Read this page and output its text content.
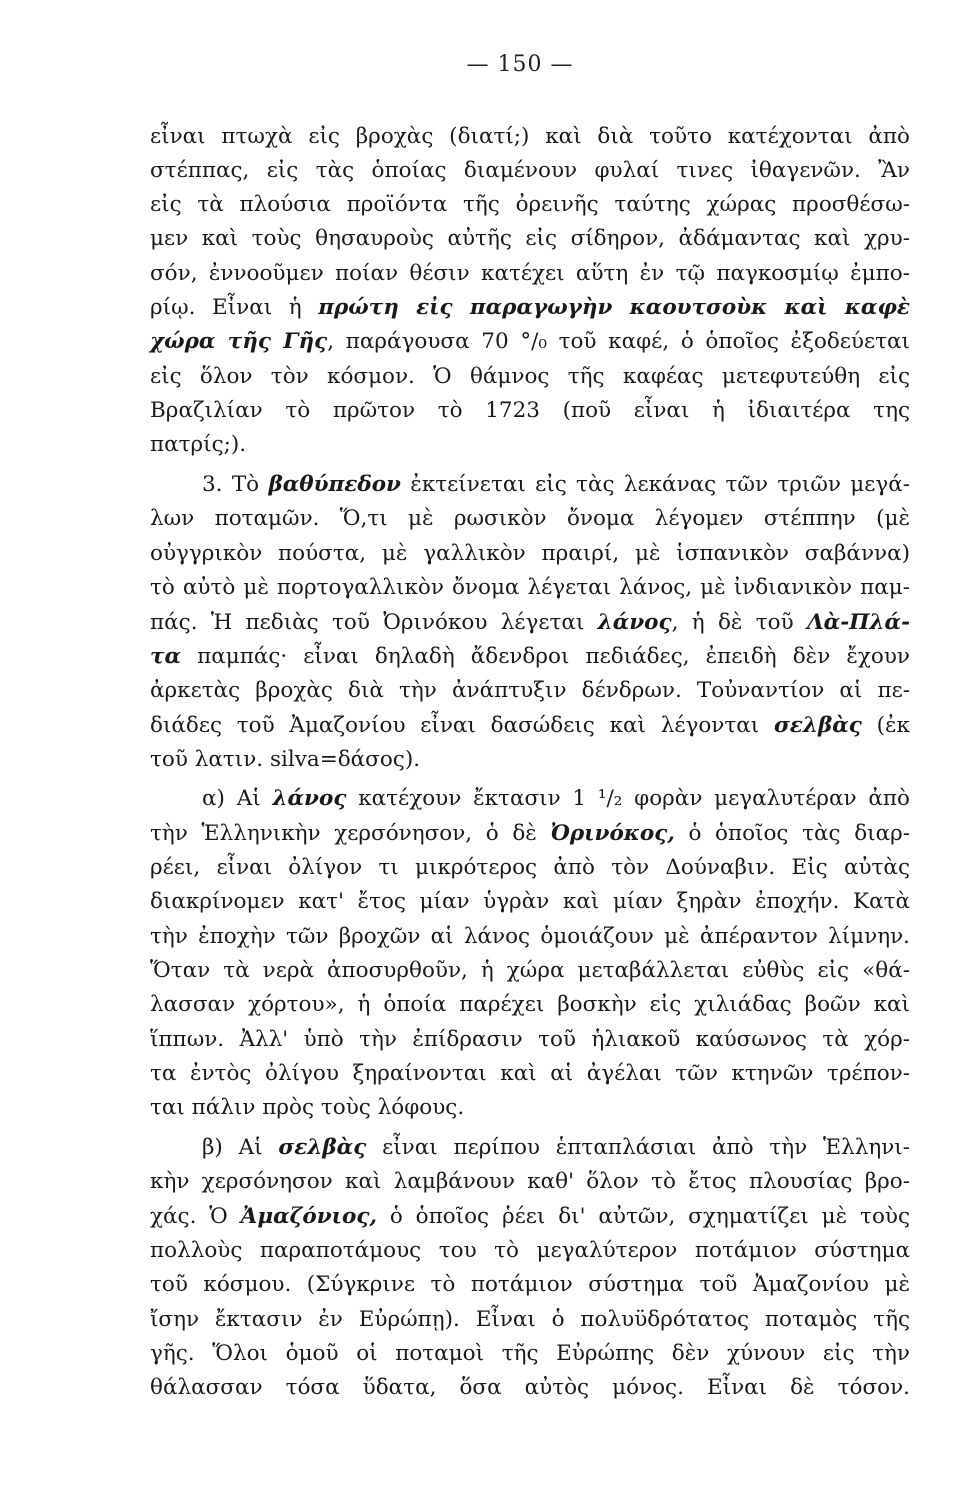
— 150 —
εἶναι πτωχὰ εἰς βροχὰς (διατί;) καὶ διὰ τοῦτο κατέχονται ἀπὸ
στέππας, εἰς τὰς ὁποίας διαμένουν φυλαί τινες ἰθαγενῶν. Ἂν
εἰς τὰ πλούσια προϊόντα τῆς ὀρεινῆς ταύτης χώρας προσθέσω-
μεν καὶ τοὺς θησαυροὺς αὐτῆς εἰς σίδηρον, ἀδάμαντας καὶ χρυ-
σόν, ἐννοοῦμεν ποίαν θέσιν κατέχει αὕτη ἐν τῷ παγκοσμίῳ ἐμπο-
ρίῳ. Εἶναι ἡ πρώτη εἰς παραγωγὴν καουτσοὺκ καὶ καφὲ
χώρα τῆς Γῆς, παράγουσα 70 °/₀ τοῦ καφέ, ὁ ὁποῖος ἐξοδεύεται
εἰς ὅλον τὸν κόσμον. Ὁ θάμνος τῆς καφέας μετεφυτεύθη εἰς
Βραζιλίαν τὸ πρῶτον τὸ 1723 (ποῦ εἶναι ἡ ἰδιαιτέρα της
πατρίς;).
3. Τὸ βαθύπεδον ἐκτείνεται εἰς τὰς λεκάνας τῶν τριῶν μεγά-
λων ποταμῶν. Ὅ,τι μὲ ρωσικὸν ὄνομα λέγομεν στέππην (μὲ
οὐγγρικὸν πούστα, μὲ γαλλικὸν πραιρί, μὲ ἱσπανικὸν σαβάννα)
τὸ αὐτὸ μὲ πορτογαλλικὸν ὄνομα λέγεται λάνος, μὲ ἰνδιανικὸν παμ-
πάς. Ἡ πεδιὰς τοῦ Ὀρινόκου λέγεται λάνος, ἡ δὲ τοῦ Λὰ-Πλά-
τα παμπάς· εἶναι δηλαδὴ ἄδενδροι πεδιάδες, ἐπειδὴ δὲν ἔχουν
ἀρκετὰς βροχὰς διὰ τὴν ἀνάπτυξιν δένδρων. Τοὐναντίον αἱ πε-
διάδες τοῦ Ἀμαζονίου εἶναι δασώδεις καὶ λέγονται σελβὰς (ἐκ
τοῦ λατιν. silva=δάσος).
α) Αἱ λάνος κατέχουν ἔκτασιν 1 ¹/₂ φορὰν μεγαλυτέραν ἀπὸ
τὴν Ἑλληνικὴν χερσόνησον, ὁ δὲ Ὀρινόκος, ὁ ὁποῖος τὰς διαρ-
ρέει, εἶναι ὀλίγον τι μικρότερος ἀπὸ τὸν Δούναβιν. Εἰς αὐτὰς
διακρίνομεν κατ' ἔτος μίαν ὑγρὰν καὶ μίαν ξηρὰν ἐποχήν. Κατὰ
τὴν ἐποχὴν τῶν βροχῶν αἱ λάνος ὁμοιάζουν μὲ ἀπέραντον λίμνην.
Ὅταν τὰ νερὰ ἀποσυρθοῦν, ἡ χώρα μεταβάλλεται εὐθὺς εἰς «θά-
λασσαν χόρτου», ἡ ὁποία παρέχει βοσκὴν εἰς χιλιάδας βοῶν καὶ
ἵππων. Ἀλλ' ὑπὸ τὴν ἐπίδρασιν τοῦ ἡλιακοῦ καύσωνος τὰ χόρ-
τα ἐντὸς ὀλίγου ξηραίνονται καὶ αἱ ἀγέλαι τῶν κτηνῶν τρέπον-
ται πάλιν πρὸς τοὺς λόφους.
β) Αἱ σελβὰς εἶναι περίπου ἑπταπλάσιαι ἀπὸ τὴν Ἑλληνι-
κὴν χερσόνησον καὶ λαμβάνουν καθ' ὅλον τὸ ἔτος πλουσίας βρο-
χάς. Ὁ Ἀμαζόνιος, ὁ ὁποῖος ῥέει δι' αὐτῶν, σχηματίζει μὲ τοὺς
πολλοὺς παραποτάμους του τὸ μεγαλύτερον ποτάμιον σύστημα
τοῦ κόσμου. (Σύγκρινε τὸ ποτάμιον σύστημα τοῦ Ἀμαζονίου μὲ
ἴσην ἔκτασιν ἐν Εὐρώπῃ). Εἶναι ὁ πολυϋδρότατος ποταμὸς τῆς
γῆς. Ὅλοι ὁμοῦ οἱ ποταμοὶ τῆς Εὐρώπης δὲν χύνουν εἰς τὴν
θάλασσαν τόσα ὕδατα, ὅσα αὐτὸς μόνος. Εἶναι δὲ τόσον.
